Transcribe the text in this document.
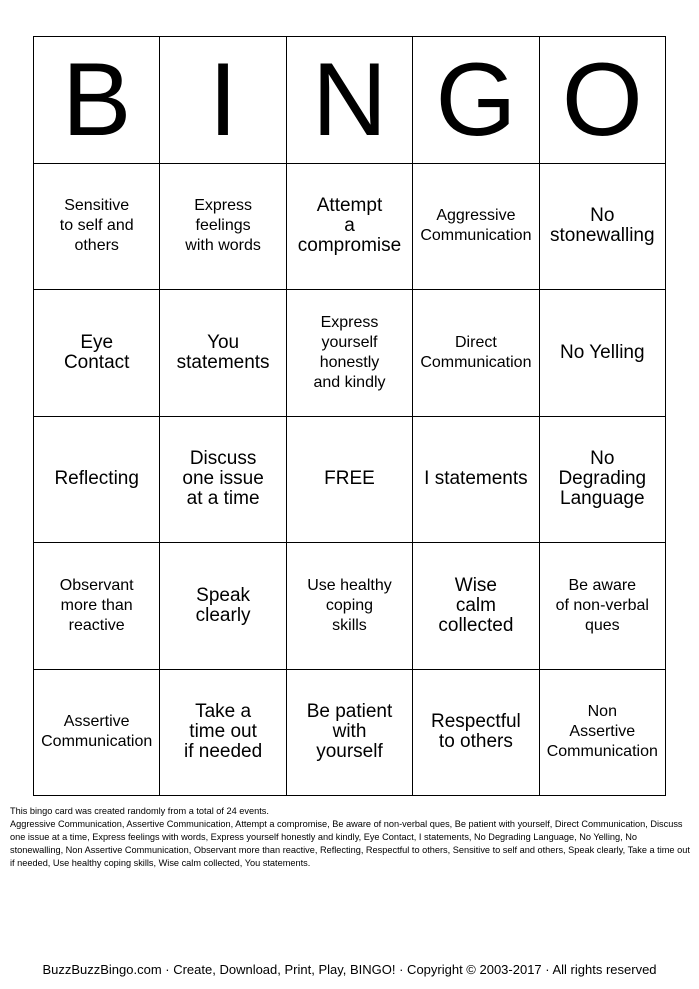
B I N G O
Sensitive
to self and
others
Express
feelings
with words
Attempt
a
compromise
Aggressive
Communication
No
stonewalling
Eye
Contact
You
statements
Express
yourself
honestly
and kindly
Direct
Communication No Yelling
Reflecting
Discuss
one issue
at a time
FREE	I statements
No
Degrading
Language
Observant
more than
reactive
Speak
clearly
Use healthy
coping
skills
Wise
calm
collected
Be aware
of non-verbal
ques
Assertive
Communication
Take a
time out
if needed
Be patient
with
yourself
Respectful
to others
Non
Assertive
Communication

This bingo card was created randomly from a total of 24 events.

Aggressive Communication, Assertive Communication, Attempt a compromise, Be aware of non-verbal ques, Be patient with yourself, Direct Communication, Discuss one issue at a time, Express feelings with words, Express yourself honestly and kindly, Eye Contact, I statements, No Degrading Language, No Yelling, No stonewalling, Non Assertive Communication, Observant more than reactive, Reflecting, Respectful to others, Sensitive to self and others, Speak clearly, Take a time out if needed, Use healthy coping skills, Wise calm collected, You statements.

BuzzBuzzBingo.com · Create, Download, Print, Play, BINGO! · Copyright © 2003-2017 · All rights reserved
